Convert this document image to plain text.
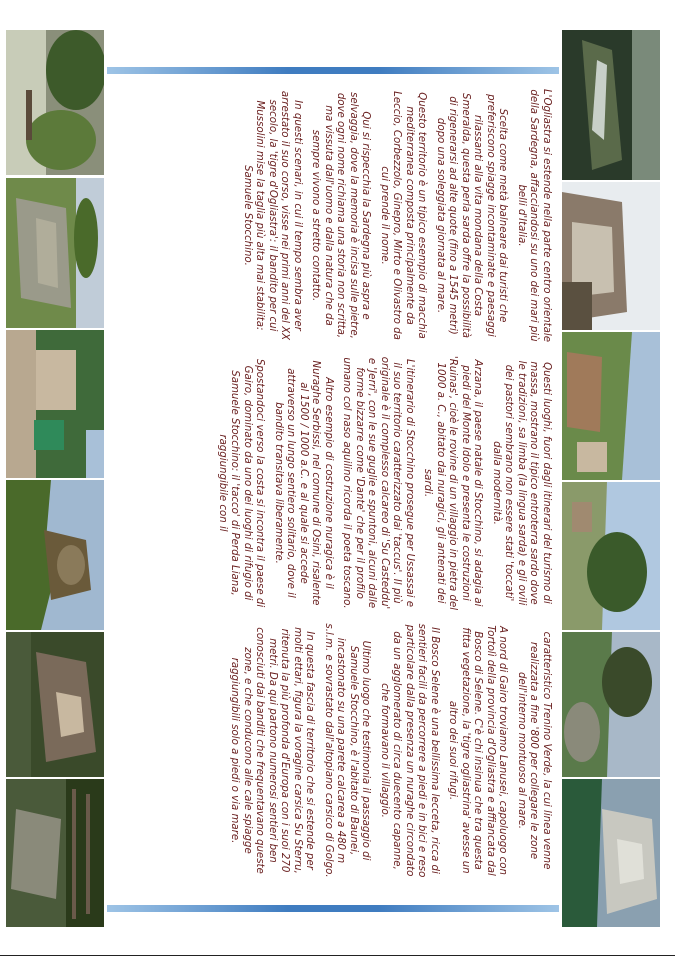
L'Ogliastra si estende nella parte centro orientale della Sardegna, affacciandosi su uno dei mari più belli d'Italia.

Scelta come metà balneare dai turisti che preferiscono spiagge incontaminate e paesaggi rilassanti alla vita mondana della Costa Smeralda, questa perla sarda offre la possibilità di rigenerarsi ad alte quote (fino a 1545 metri) dopo una soleggiata giornata al mare.

Questo territorio è un tipico esempio di macchia mediterranea composta principalmente da Leccio, Corbezzolo, Ginepro, Mirto e Olivastro da cui prende il nome.

Qui si rispecchia la Sardegna più aspra e selvaggia, dove la memoria è incisa sulle pietre, dove ogni nome richiama una storia non scritta, ma vissuta dall'uomo e dalla natura che da sempre vivono a stretto contatto.

In questi scenari, in cui il tempo sembra aver arrestato il suo corso, visse nei primi anni del XX secolo, la 'tigre d'Ogliastra': il bandito per cui Mussolini mise la taglia più alta mai stabilita: Samuele Stocchino.

Questi luoghi, fuori dagli itinerari del turismo di massa, mostrano il tipico entroterra sardo dove le tradizioni, sa limba (la lingua sarda) e gli ovili dei pastori sembrano non essere stati 'toccati' dalla modernità.

Arzana, il paese natale di Stocchino, si adagia ai piedi del Monte Idolo e presenta le costruzioni 'Ruinas', cioè le rovine di un villaggio in pietra del 1000 a. C., abitato dai nuragici, gli antenati dei sardi.

L'itinerario di Stocchino prosegue per Ussassai e il suo territorio caratterizzato dai 'taccus'. Il più originale è il complesso calcareo di 'Su Casteddu' e 'Jerri', con le sue guglie e spuntoni, alcuni dalle forme bizzarre come 'Dante' che per il profilo umano col naso aquilino ricorda il poeta toscano.

Altro esempio di costruzione nuragica è il Nuraghe Serbissi, nel comune di Osini, risalente al 1500 / 1000 a.C. e al quale si accede attraverso un lungo sentiero solitario, dove il bandito transitava liberamente.

Spostandoci verso la costa si incontra il paese di Gairo, dominato da uno dei luoghi di rifugio di Samuele Stocchino: il 'tacco' di Perda Liana, raggiungibile con il

caratteristico Trenino Verde, la cui linea venne realizzata a fine '800 per collegare le zone dell'interno montuoso al mare.

A nord di Gairo troviamo Lanusei, capoluogo con Tortolì della provincia d'Ogliastra e affiancata dal Bosco di Selene. C'è chi insinua che tra questa fitta vegetazione, la 'tigre ogliastrina' avesse un altro dei suoi rifugi.

Il Bosco Selene è una bellissima lecceta, ricca di sentieri facili da percorrere a piedi e in bici e reso particolare dalla presenza un nuraghe circondato da un agglomerato di circa duecento capanne, che formavano il villaggio.

Ultimo luogo che testimonia il passaggio di Samuele Stocchino, è l'abitato di Baunei, incastonato su una parete calcarea a 480 m s.l.m. e sovrastato dall'altopiano carsico di Golgo.

In questa fascia di territorio che si estende per molti ettari, figura la voragine carsica Su Sterru, ritenuta la più profonda d'Europa con i suoi 270 metri. Da qui partono numerosi sentieri ben conosciuti dai banditi che frequentavano queste zone, e che conducono alle cale spiagge raggiungibili solo a piedi o via mare.
